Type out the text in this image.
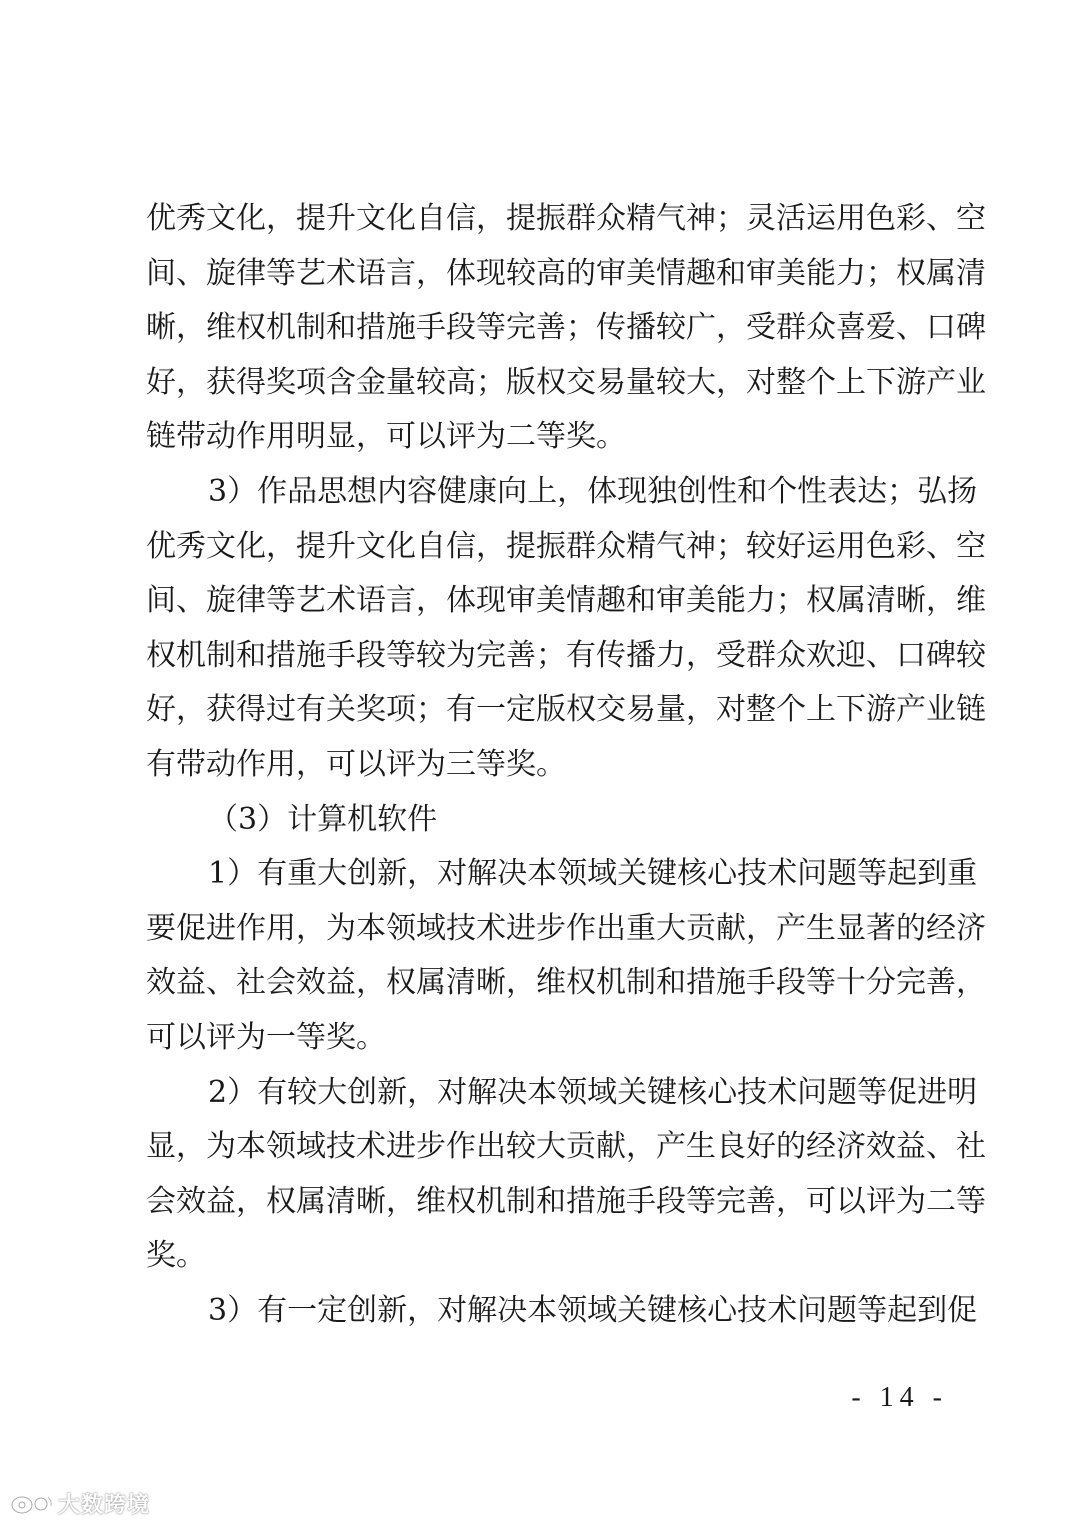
优秀文化，提升文化自信，提振群众精气神；灵活运用色彩、空
间、旋律等艺术语言，体现较高的审美情趣和审美能力；权属清
晰，维权机制和措施手段等完善；传播较广，受群众喜爱、口碑
好，获得奖项含金量较高；版权交易量较大，对整个上下游产业
链带动作用明显，可以评为二等奖。
3）作品思想内容健康向上，体现独创性和个性表达；弘扬
优秀文化，提升文化自信，提振群众精气神；较好运用色彩、空
间、旋律等艺术语言，体现审美情趣和审美能力；权属清晰，维
权机制和措施手段等较为完善；有传播力，受群众欢迎、口碑较
好，获得过有关奖项；有一定版权交易量，对整个上下游产业链
有带动作用，可以评为三等奖。
（3）计算机软件
1）有重大创新，对解决本领域关键核心技术问题等起到重
要促进作用，为本领域技术进步作出重大贡献，产生显著的经济
效益、社会效益，权属清晰，维权机制和措施手段等十分完善，
可以评为一等奖。
2）有较大创新，对解决本领域关键核心技术问题等促进明
显，为本领域技术进步作出较大贡献，产生良好的经济效益、社
会效益，权属清晰，维权机制和措施手段等完善，可以评为二等
奖。
3）有一定创新，对解决本领域关键核心技术问题等起到促
- 14 -
大数跨境
